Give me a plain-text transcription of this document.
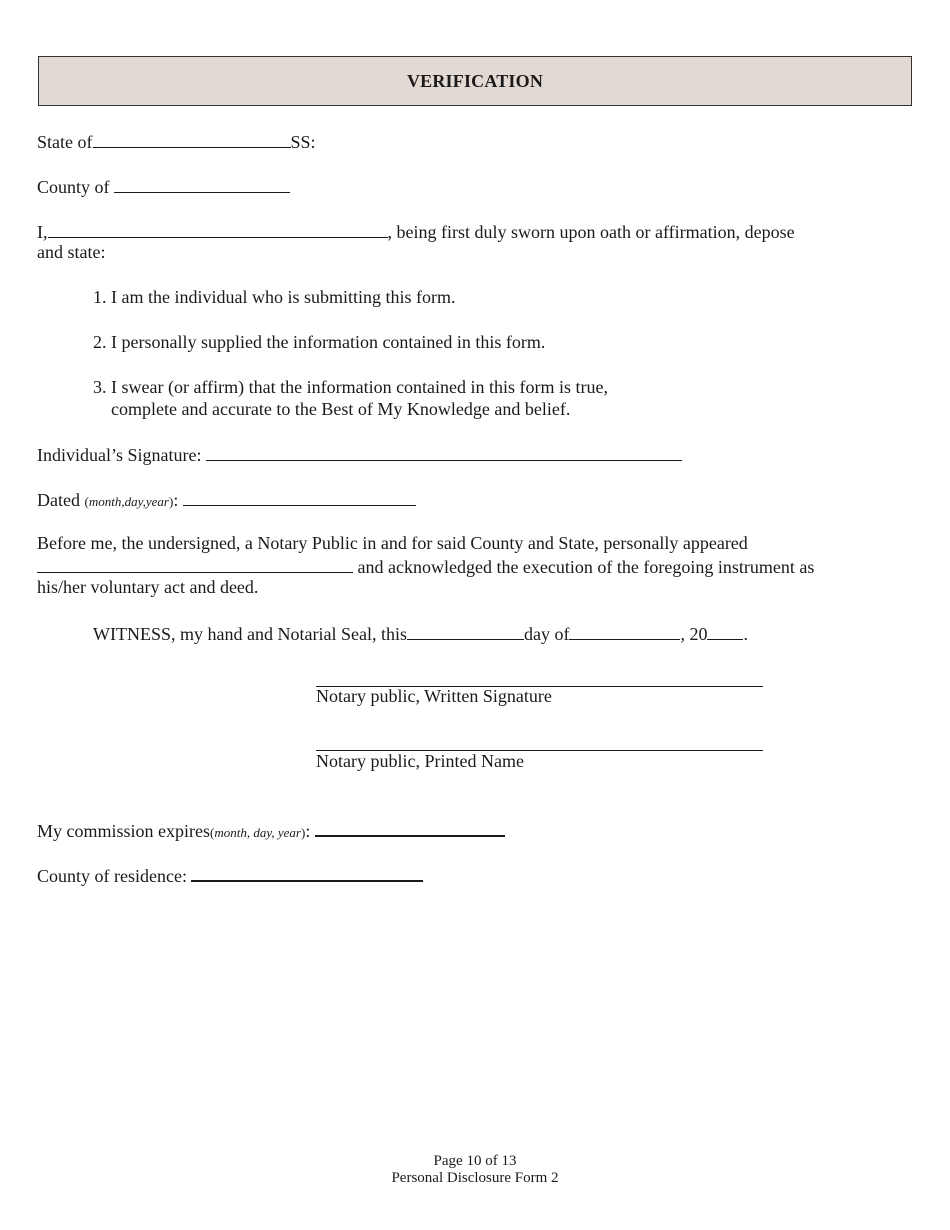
VERIFICATION
State of	SS:
County of
I,	, being first duly sworn upon oath or affirmation, depose
and state:
1. I am the individual who is submitting this form.
2. I personally supplied the information contained in this form.
3. I swear (or affirm) that the information contained in this form is true,
complete and accurate to the Best of My Knowledge and belief.
Individual’s Signature:
Dated (month,day,year):
Before me, the undersigned, a Notary Public in and for said County and State, personally appeared
and acknowledged the execution of the foregoing instrument as
his/her voluntary act and deed.
WITNESS, my hand and Notarial Seal, this	day of	, 20 .
Notary public, Written Signature
Notary public, Printed Name
My commission expires(month, day, year):
County of residence:
Page 10 of 13
Personal Disclosure Form 2
